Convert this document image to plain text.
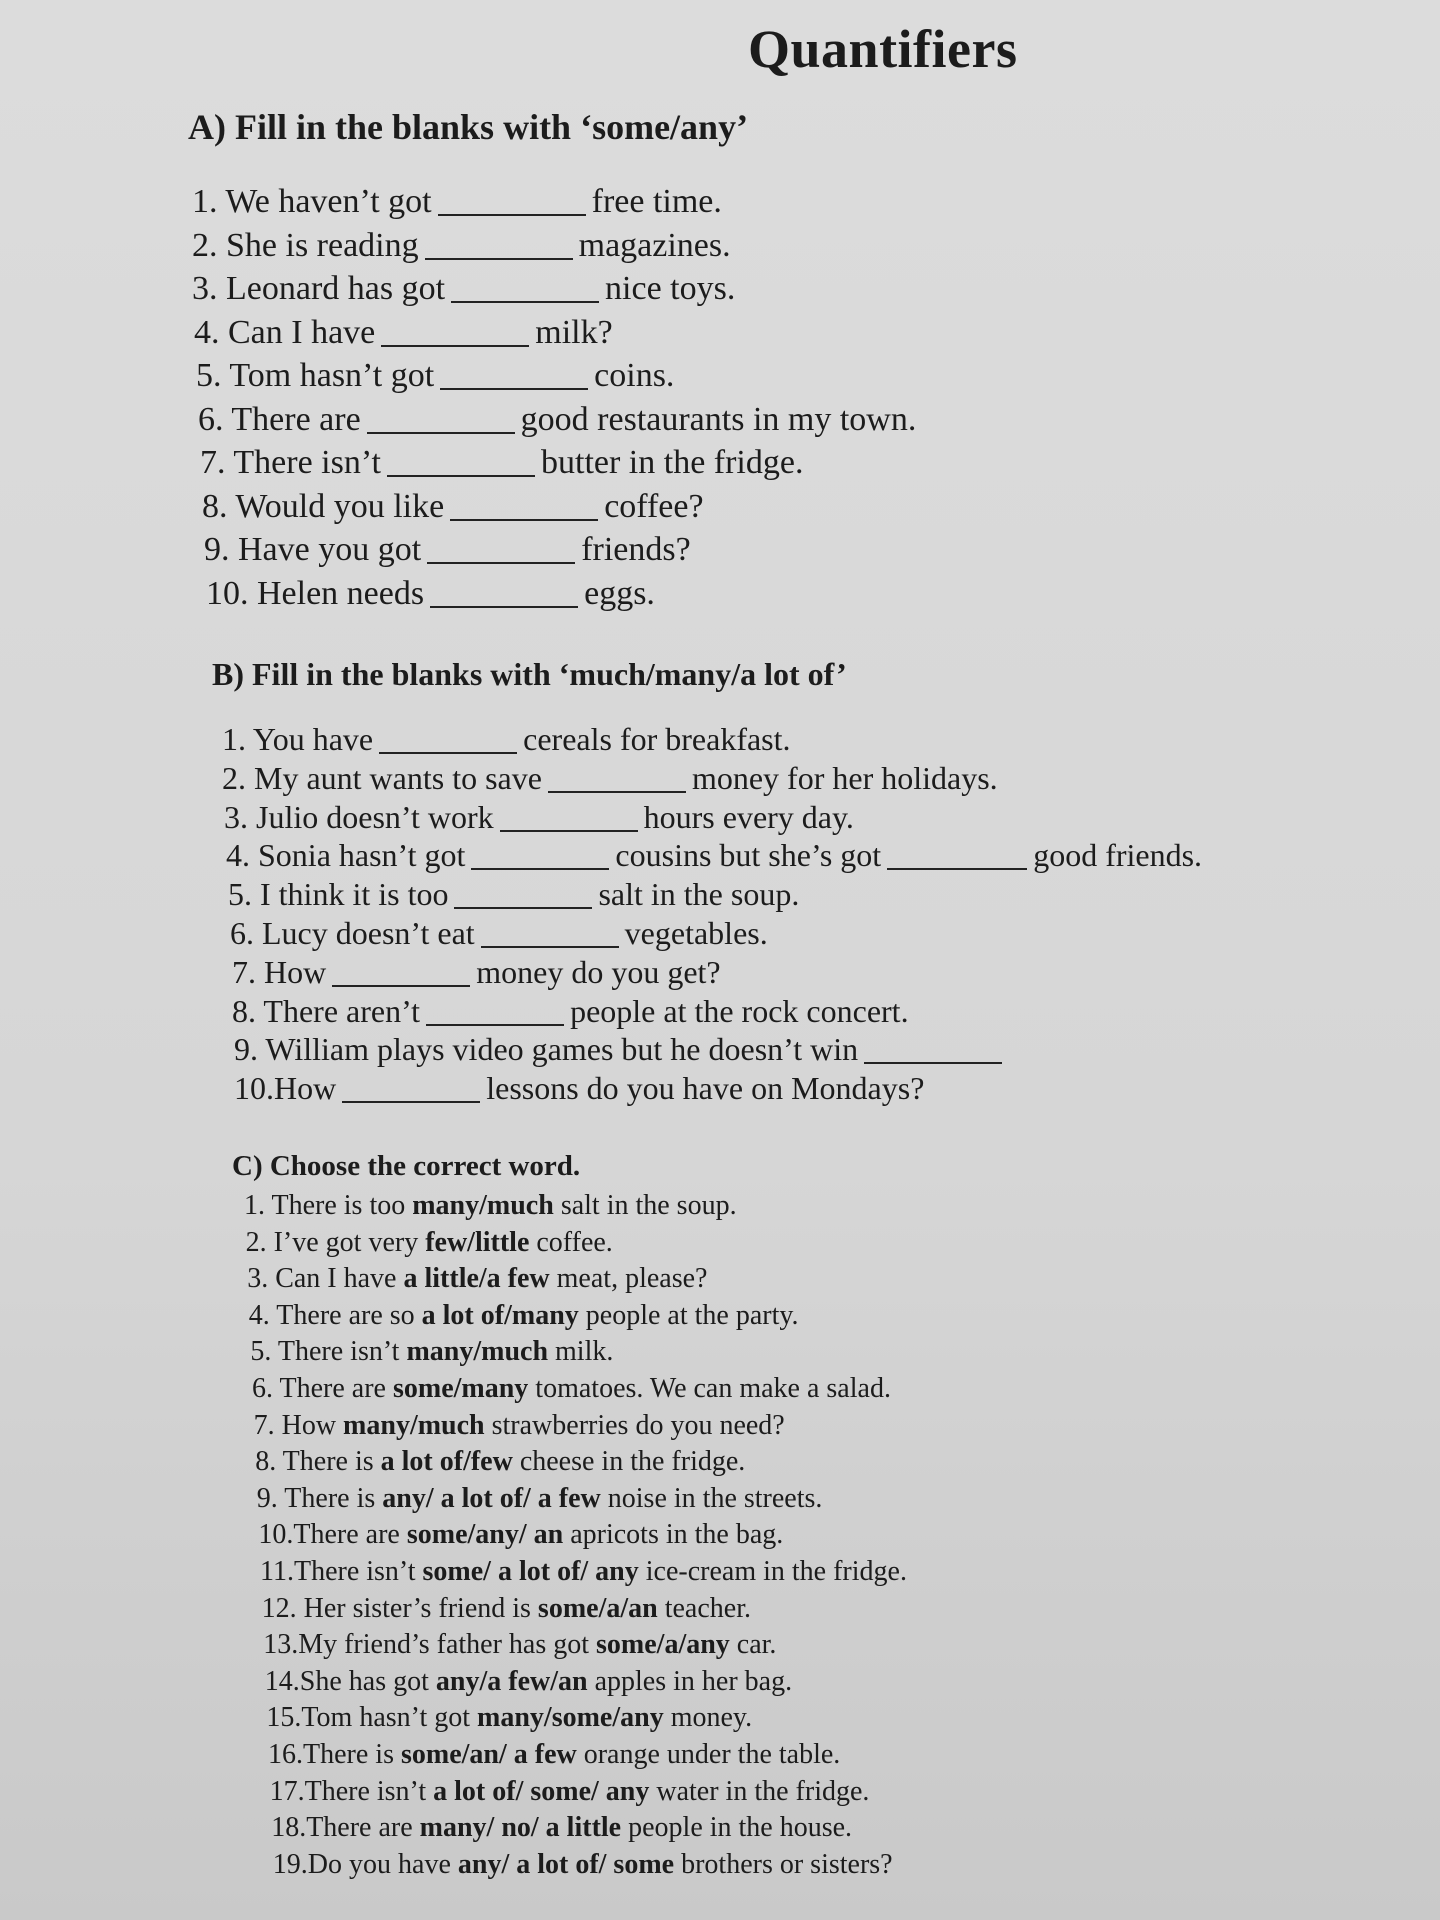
Quantifiers
A) Fill in the blanks with ‘some/any’
1. We haven’t got	free time.
2. She is reading	magazines.
3. Leonard has got	nice toys.
4. Can I have	milk?
5. Tom hasn’t got	coins.
6. There are	good restaurants in my town.
7. There isn’t	butter in the fridge.
8. Would you like	coffee?
9. Have you got	friends?
10. Helen needs	eggs.
B) Fill in the blanks with ‘much/many/a lot of’
1. You have	cereals for breakfast.
2. My aunt wants to save	money for her holidays.
3. Julio doesn’t work	hours every day.
4. Sonia hasn’t got	cousins but she’s got	good friends.
5. I think it is too	salt in the soup.
6. Lucy doesn’t eat	vegetables.
7. How	money do you get?
8. There aren’t	people at the rock concert.
9. William plays video games but he doesn’t win
10.How	lessons do you have on Mondays?
C) Choose the correct word.
1. There is too many/much salt in the soup.
2. I’ve got very few/little coffee.
3. Can I have a little/a few meat, please?
4. There are so a lot of/many people at the party.
5. There isn’t many/much milk.
6. There are some/many tomatoes. We can make a salad.
7. How many/much strawberries do you need?
8. There is a lot of/few cheese in the fridge.
9. There is any/ a lot of/ a few noise in the streets.
10.There are some/any/ an apricots in the bag.
11.There isn’t some/ a lot of/ any ice-cream in the fridge.
12. Her sister’s friend is some/a/an teacher.
13.My friend’s father has got some/a/any car.
14.She has got any/a few/an apples in her bag.
15.Tom hasn’t got many/some/any money.
16.There is some/an/ a few orange under the table.
17.There isn’t a lot of/ some/ any water in the fridge.
18.There are many/ no/ a little people in the house.
19.Do you have any/ a lot of/ some brothers or sisters?
